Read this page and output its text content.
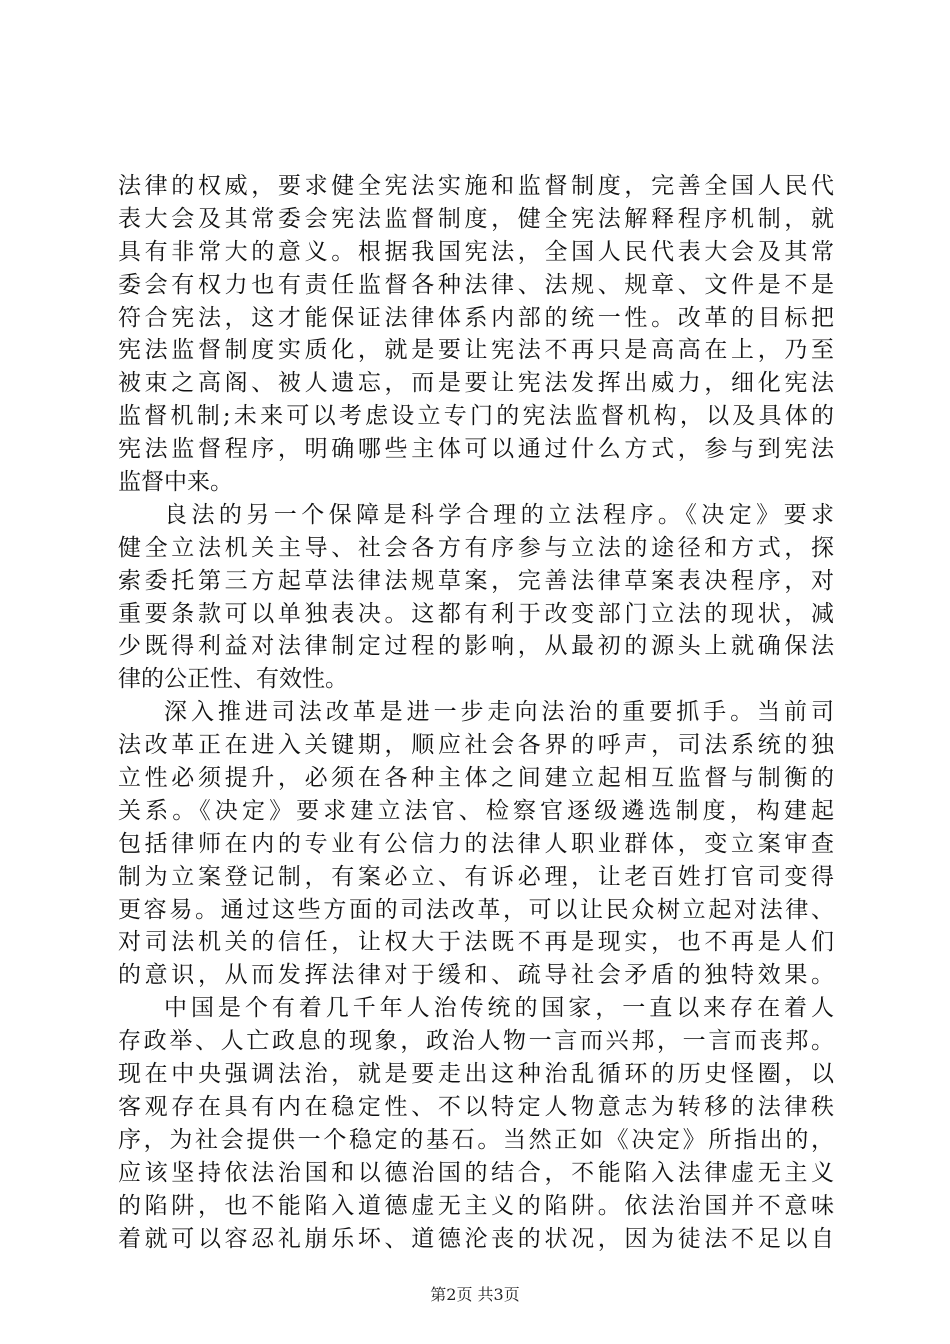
法律的权威，要求健全宪法实施和监督制度，完善全国人民代
表大会及其常委会宪法监督制度，健全宪法解释程序机制，就
具有非常大的意义。根据我国宪法，全国人民代表大会及其常
委会有权力也有责任监督各种法律、法规、规章、文件是不是
符合宪法，这才能保证法律体系内部的统一性。改革的目标把
宪法监督制度实质化，就是要让宪法不再只是高高在上，乃至
被束之高阁、被人遗忘，而是要让宪法发挥出威力，细化宪法
监督机制;未来可以考虑设立专门的宪法监督机构，以及具体的
宪法监督程序，明确哪些主体可以通过什么方式，参与到宪法
监督中来。
良法的另一个保障是科学合理的立法程序。《决定》要求
健全立法机关主导、社会各方有序参与立法的途径和方式，探
索委托第三方起草法律法规草案，完善法律草案表决程序，对
重要条款可以单独表决。这都有利于改变部门立法的现状，减
少既得利益对法律制定过程的影响，从最初的源头上就确保法
律的公正性、有效性。
深入推进司法改革是进一步走向法治的重要抓手。当前司
法改革正在进入关键期，顺应社会各界的呼声，司法系统的独
立性必须提升，必须在各种主体之间建立起相互监督与制衡的
关系。《决定》要求建立法官、检察官逐级遴选制度，构建起
包括律师在内的专业有公信力的法律人职业群体，变立案审查
制为立案登记制，有案必立、有诉必理，让老百姓打官司变得
更容易。通过这些方面的司法改革，可以让民众树立起对法律、
对司法机关的信任，让权大于法既不再是现实，也不再是人们
的意识，从而发挥法律对于缓和、疏导社会矛盾的独特效果。
中国是个有着几千年人治传统的国家，一直以来存在着人
存政举、人亡政息的现象，政治人物一言而兴邦，一言而丧邦。
现在中央强调法治，就是要走出这种治乱循环的历史怪圈，以
客观存在具有内在稳定性、不以特定人物意志为转移的法律秩
序，为社会提供一个稳定的基石。当然正如《决定》所指出的，
应该坚持依法治国和以德治国的结合，不能陷入法律虚无主义
的陷阱，也不能陷入道德虚无主义的陷阱。依法治国并不意味
着就可以容忍礼崩乐坏、道德沦丧的状况，因为徒法不足以自
第2页 共3页
